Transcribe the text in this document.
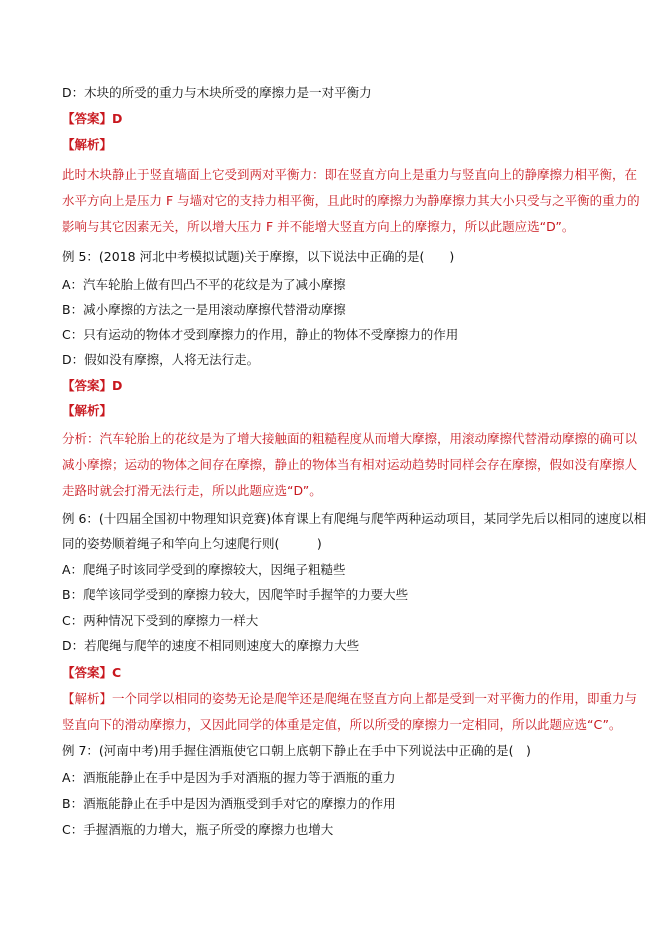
D：木块的所受的重力与木块所受的摩擦力是一对平衡力
【答案】D
【解析】
此时木块静止于竖直墙面上它受到两对平衡力：即在竖直方向上是重力与竖直向上的静摩擦力相平衡，在
水平方向上是压力 F 与墙对它的支持力相平衡，且此时的摩擦力为静摩擦力其大小只受与之平衡的重力的
影响与其它因素无关，所以增大压力 F 并不能增大竖直方向上的摩擦力，所以此题应选“D”。
例 5：(2018 河北中考模拟试题)关于摩擦，以下说法中正确的是(　　)
A：汽车轮胎上做有凹凸不平的花纹是为了减小摩擦
B：减小摩擦的方法之一是用滚动摩擦代替滑动摩擦
C：只有运动的物体才受到摩擦力的作用，静止的物体不受摩擦力的作用
D：假如没有摩擦，人将无法行走。
【答案】D
【解析】
分析：汽车轮胎上的花纹是为了增大接触面的粗糙程度从而增大摩擦，用滚动摩擦代替滑动摩擦的确可以
减小摩擦；运动的物体之间存在摩擦，静止的物体当有相对运动趋势时同样会存在摩擦，假如没有摩擦人
走路时就会打滑无法行走，所以此题应选“D”。
例 6：(十四届全国初中物理知识竞赛)体育课上有爬绳与爬竿两种运动项目，某同学先后以相同的速度以相
同的姿势顺着绳子和竿向上匀速爬行则(　　　)
A：爬绳子时该同学受到的摩擦较大，因绳子粗糙些
B：爬竿该同学受到的摩擦力较大，因爬竿时手握竿的力要大些
C：两种情况下受到的摩擦力一样大
D：若爬绳与爬竿的速度不相同则速度大的摩擦力大些
【答案】C
【解析】一个同学以相同的姿势无论是爬竿还是爬绳在竖直方向上都是受到一对平衡力的作用，即重力与
竖直向下的滑动摩擦力，又因此同学的体重是定值，所以所受的摩擦力一定相同，所以此题应选“C”。
例 7：(河南中考)用手握住酒瓶使它口朝上底朝下静止在手中下列说法中正确的是(　)
A：酒瓶能静止在手中是因为手对酒瓶的握力等于酒瓶的重力
B：酒瓶能静止在手中是因为酒瓶受到手对它的摩擦力的作用
C：手握酒瓶的力增大，瓶子所受的摩擦力也增大
